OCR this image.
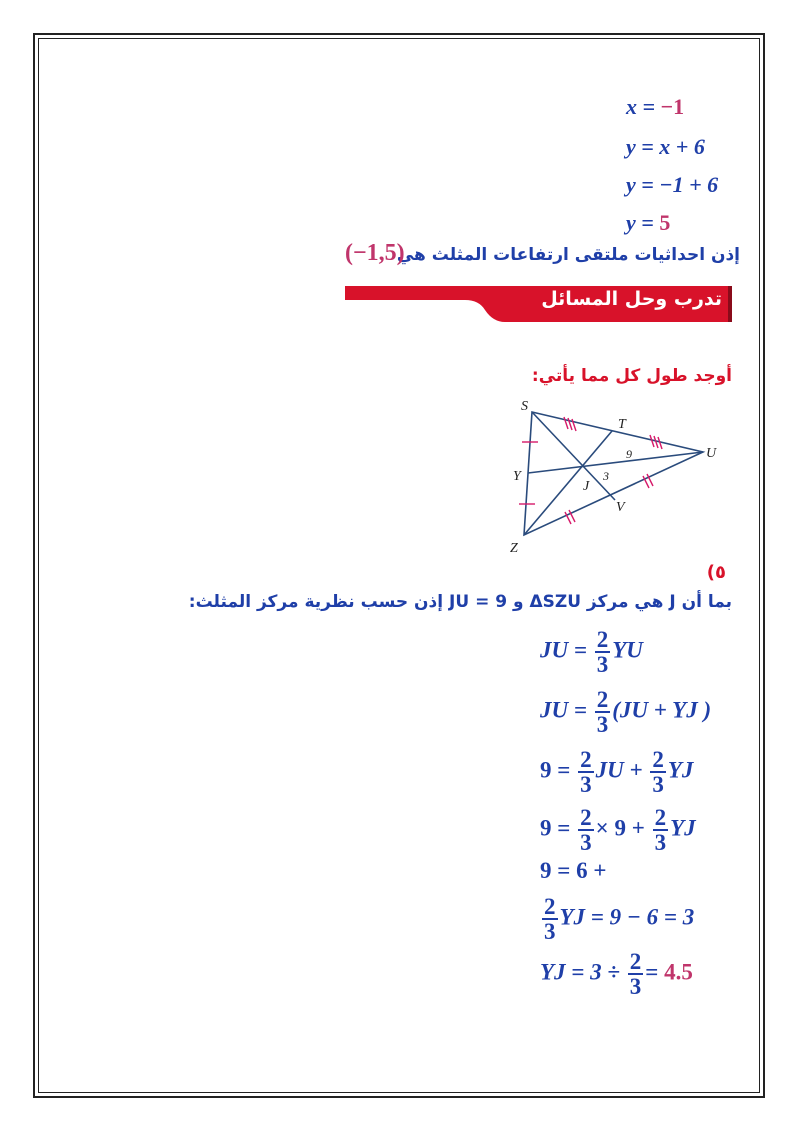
x = −1
y = x + 6
y = −1 + 6
y = 5
إذن احداثيات ملتقى ارتفاعات المثلث هي
(−1,5)
تدرب وحل المسائل
أوجد طول كل مما يأتي:
S
T
U
Y
J
V
Z
9
3
٥)
بما أن J هي مركز ΔSZU و JU = 9 إذن حسب نظرية مركز المثلث:
JU = $\frac{2}{3}$ YU
JU = $\frac{2}{3} (JU$ + YJ )
$9 = \frac{2}{3}$ JU + $\frac{2}{3}$ YJ
$9 = \frac{2}{3} \times 9 + \frac{2}{3}$ YJ
9 = 6 +
$\frac{2}{3}$ YJ = 9 − 6 = 3
YJ = $3 \div \frac{2}{3} = 4.5$
